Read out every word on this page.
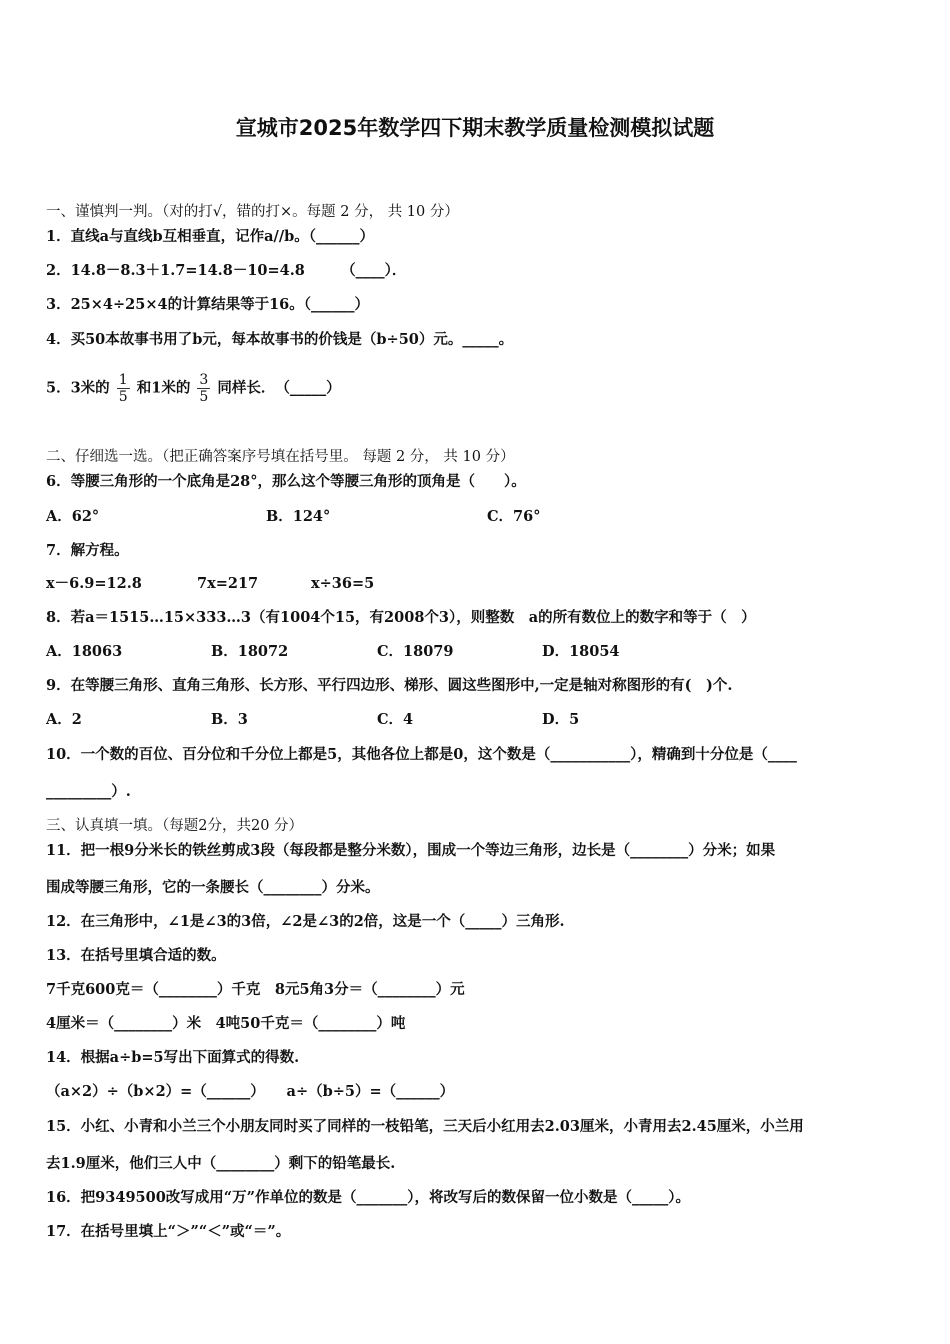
宣城市2025年数学四下期末教学质量检测模拟试题
一、谨慎判一判。（对的打√，错的打×。每题 2 分， 共 10 分）
1．直线a与直线b互相垂直，记作a//b。（______）
2．14.8－8.3＋1.7=14.8－10=4.8　　　（____）．
3．25×4÷25×4的计算结果等于16。（______）
4．买50本故事书用了b元，每本故事书的价钱是（b÷50）元。_____。
5．3米的 $\frac{1}{5}$ 和1米的 $\frac{3}{5}$ 同样长．　（_____）
二、仔细选一选。（把正确答案序号填在括号里。 每题 2 分， 共 10 分）
6．等腰三角形的一个底角是28°，那么这个等腰三角形的顶角是（　　）。
A．62°	B．124°	C．76°
7．解方程。
x－6.9=12.8	7x=217	x÷36=5
8．若a＝1515…15×333…3（有1004个15，有2008个3），则整数　a的所有数位上的数字和等于（　）
A．18063	B．18072	C．18079	D．18054
9．在等腰三角形、直角三角形、长方形、平行四边形、梯形、圆这些图形中,一定是轴对称图形的有(　)个.
A．2	B．3	C．4	D．5
10．一个数的百位、百分位和千分位上都是5，其他各位上都是0，这个数是（___________），精确到十分位是（____
_________）.
三、认真填一填。（每题2分，共20 分）
11．把一根9分米长的铁丝剪成3段（每段都是整分米数），围成一个等边三角形，边长是（________）分米；如果
围成等腰三角形，它的一条腰长（________）分米。
12．在三角形中，∠1是∠3的3倍，∠2是∠3的2倍，这是一个（_____）三角形.
13．在括号里填合适的数。
7千克600克＝（________）千克　8元5角3分＝（________）元
4厘米＝（________）米　4吨50千克＝（________）吨
14．根据a÷b=5写出下面算式的得数.
（a×2）÷（b×2）=（______）　　a÷（b÷5）=（______）
15．小红、小青和小兰三个小朋友同时买了同样的一枝铅笔，三天后小红用去2.03厘米，小青用去2.45厘米，小兰用
去1.9厘米，他们三人中（________）剩下的铅笔最长.
16．把9349500改写成用“万”作单位的数是（_______），将改写后的数保留一位小数是（_____）。
17．在括号里填上“＞”“＜”或“＝”。
